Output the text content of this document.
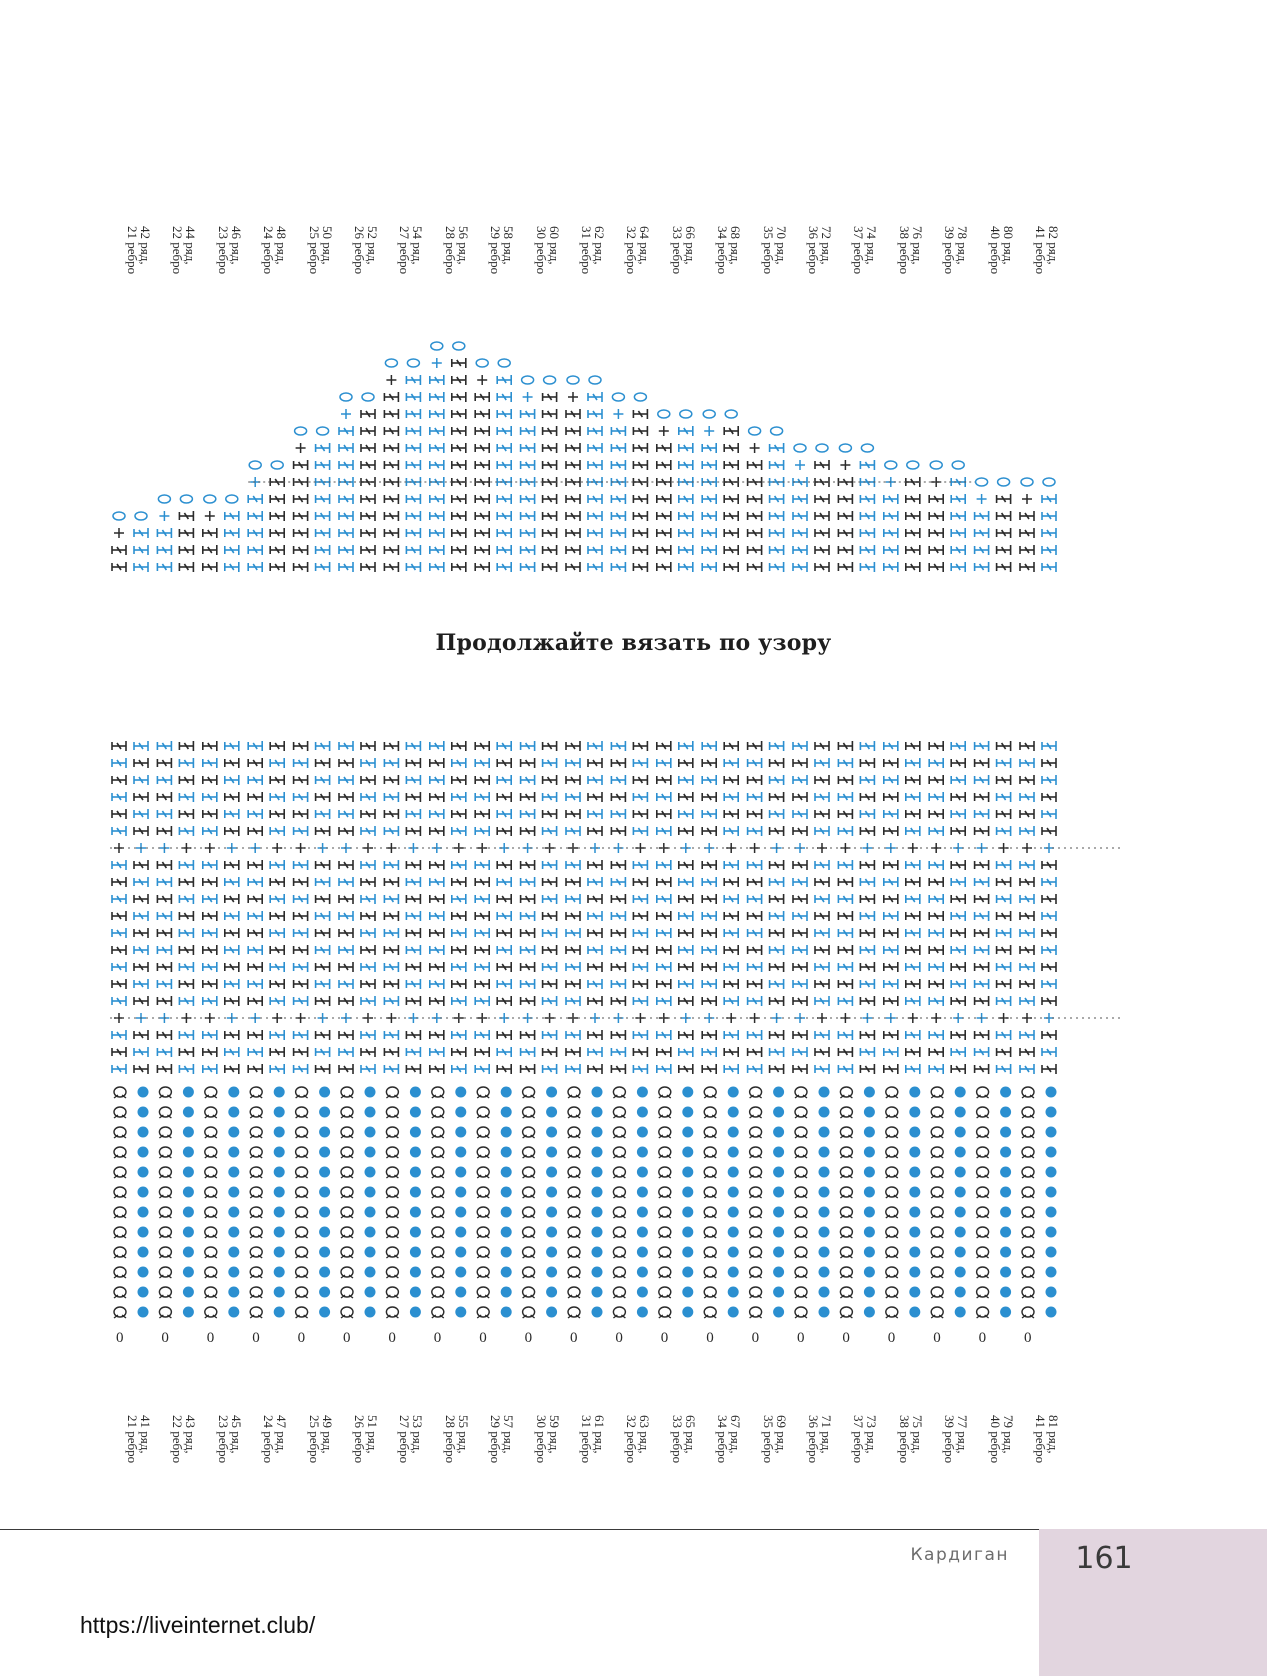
42 ряд,
21 ребро	44 ряд,
22 ребро	46 ряд,
23 ребро	48 ряд,
24 ребро	50 ряд,
25 ребро	52 ряд,
26 ребро	54 ряд,
27 ребро	56 ряд,
28 ребро	58 ряд,
29 ребро	60 ряд,
30 ребро	62 ряд,
31 ребро	64 ряд,
32 ребро	66 ряд,
33 ребро	68 ряд,
34 ребро	70 ряд,
35 ребро	72 ряд,
36 ребро	74 ряд,
37 ребро	76 ряд,
38 ребро	78 ряд,
39 ребро	80 ряд,
40 ребро	82 ряд,
41 ребро
Продолжайте вязать по узору
0	0	0	0	0	0	0	0	0	0	0	0	0	0	0	0	0	0	0	0	0
41 ряд,
21 ребро	43 ряд,
22 ребро	45 ряд,
23 ребро	47 ряд,
24 ребро	49 ряд,
25 ребро	51 ряд,
26 ребро	53 ряд,
27 ребро	55 ряд,
28 ребро	57 ряд,
29 ребро	59 ряд,
30 ребро	61 ряд,
31 ребро	63 ряд,
32 ребро	65 ряд,
33 ребро	67 ряд,
34 ребро	69 ряд,
35 ребро	71 ряд,
36 ребро	73 ряд,
37 ребро	75 ряд,
38 ребро	77 ряд,
39 ребро	79 ряд,
40 ребро	81 ряд,
41 ребро
Кардиган	161
https://liveinternet.club/
